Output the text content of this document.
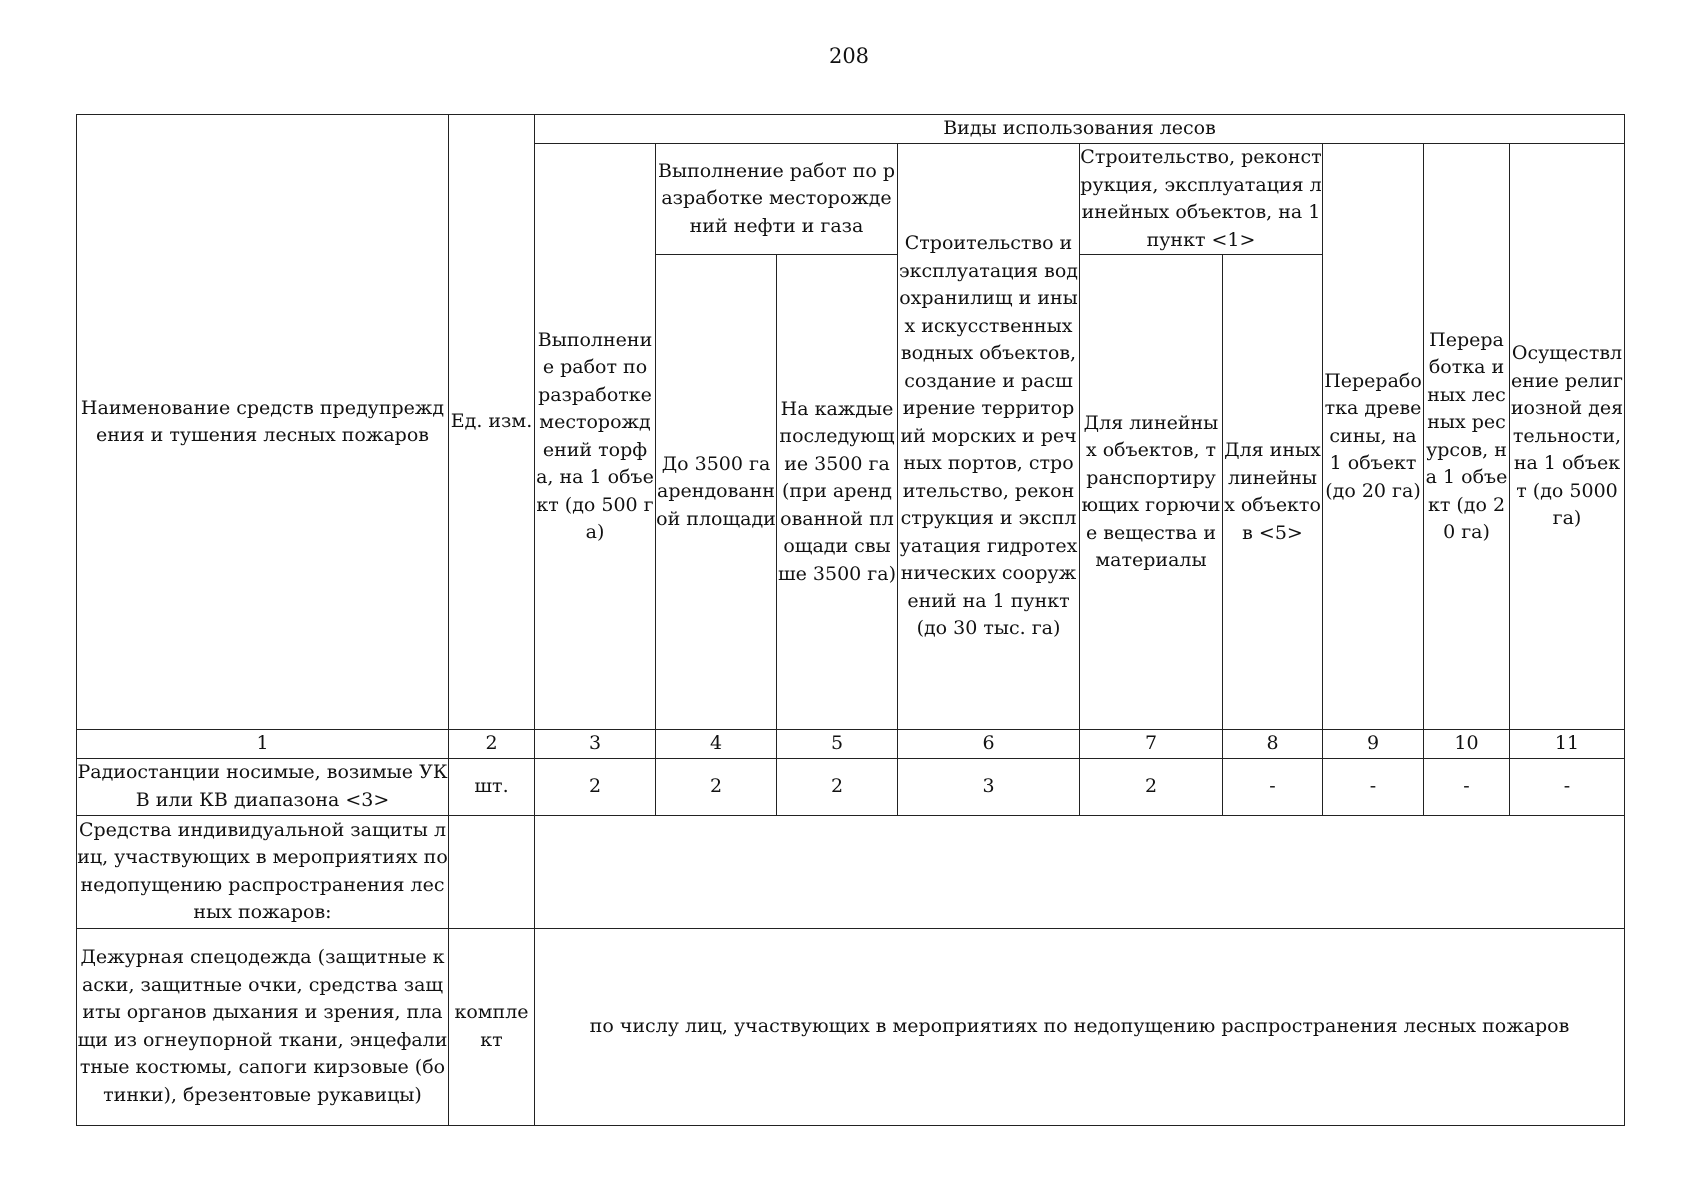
208
Наименование средств предупреждения и тушения лесных пожаров	Ед. изм.	Виды использования лесов								
		Выполнение работ по разработке месторождений торфа, на 1 объект (до 500 га)	Выполнение работ по разработке месторождений нефти и газа		Строительство и эксплуатация водохранилищ и иных искусственных водных объектов, создание и расширение территорий морских и речных портов, строительство, реконструкция и эксплуатация гидротехнических сооружений на 1 пункт (до 30 тыс. га)	Строительство, реконструкция, эксплуатация линейных объектов, на 1 пункт <1>		Переработка древесины, на 1 объект (до 20 га)	Переработка иных лесных ресурсов, на 1 объект (до 20 га)	Осуществление религиозной деятельности, на 1 объект (до 5000 га)

			До 3500 га арендованной площади	На каждые последующие 3500 га (при арендованной площади свыше 3500 га)		Для линейных объектов, транспортирующих горючие вещества и материалы	Для иных линейных объектов <5>			
1	2	3	4	5	6	7	8	9	10	11
Радиостанции носимые, возимые УКВ или КВ диапазона <3>	шт.	2	2	2	3	2	-	-	-	-
Средства индивидуальной защиты лиц, участвующих в мероприятиях по недопущению распространения лесных пожаров:										
Дежурная спецодежда (защитные каски, защитные очки, средства защиты органов дыхания и зрения, плащи из огнеупорной ткани, энцефалитные костюмы, сапоги кирзовые (ботинки), брезентовые рукавицы)	комплект	по числу лиц, участвующих в мероприятиях по недопущению распространения лесных пожаров								
